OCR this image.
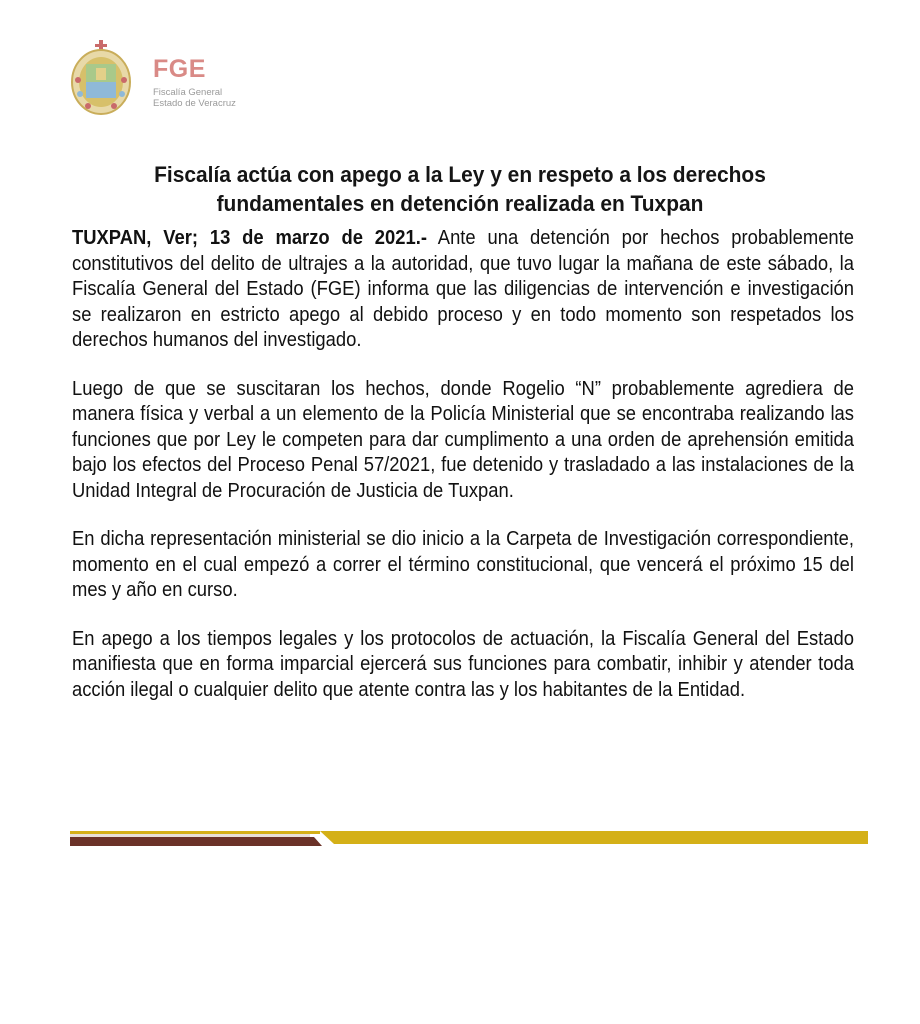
FGE
Fiscalía General
Estado de Veracruz
Fiscalía actúa con apego a la Ley y en respeto a los derechos fundamentales en detención realizada en Tuxpan

TUXPAN, Ver; 13 de marzo de 2021.- Ante una detención por hechos probablemente constitutivos del delito de ultrajes a la autoridad, que tuvo lugar la mañana de este sábado, la Fiscalía General del Estado (FGE) informa que las diligencias de intervención e investigación se realizaron en estricto apego al debido proceso y en todo momento son respetados los derechos humanos del investigado.

Luego de que se suscitaran los hechos, donde Rogelio “N” probablemente agrediera de manera física y verbal a un elemento de la Policía Ministerial que se encontraba realizando las funciones que por Ley le competen para dar cumplimento a una orden de aprehensión emitida bajo los efectos del Proceso Penal 57/2021, fue detenido y trasladado a las instalaciones de la Unidad Integral de Procuración de Justicia de Tuxpan.

En dicha representación ministerial se dio inicio a la Carpeta de Investigación correspondiente, momento en el cual empezó a correr el término constitucional, que vencerá el próximo 15 del mes y año en curso.

En apego a los tiempos legales y los protocolos de actuación, la Fiscalía General del Estado manifiesta que en forma imparcial ejercerá sus funciones para combatir, inhibir y atender toda acción ilegal o cualquier delito que atente contra las y los habitantes de la Entidad.
